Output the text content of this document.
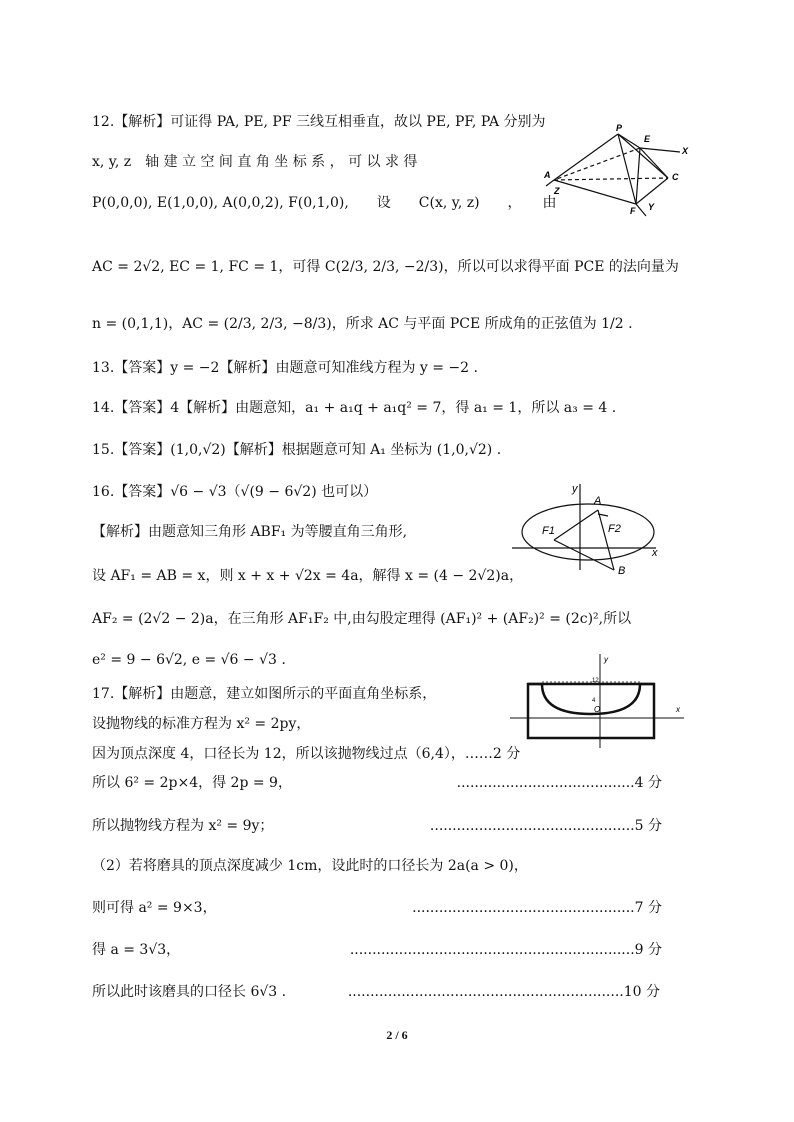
12.【解析】可证得 PA, PE, PF 三线互相垂直，故以 PE, PF, PA 分别为
x, y, z　轴 建 立 空 间 直 角 坐 标 系 ， 可 以 求 得
P(0,0,0), E(1,0,0), A(0,0,2), F(0,1,0),　　设　　C(x, y, z)　　，　　由
AC = 2√2, EC = 1, FC = 1，可得 C(2/3, 2/3, −2/3)，所以可以求得平面 PCE 的法向量为
n = (0,1,1)，AC = (2/3, 2/3, −8/3)，所求 AC 与平面 PCE 所成角的正弦值为 1/2 .
13.【答案】y = −2【解析】由题意可知准线方程为 y = −2 .
14.【答案】4【解析】由题意知，a₁ + a₁q + a₁q² = 7，得 a₁ = 1，所以 a₃ = 4 .
15.【答案】(1,0,√2)【解析】根据题意可知 A₁ 坐标为 (1,0,√2) .
16.【答案】√6 − √3（√(9 − 6√2) 也可以）
【解析】由题意知三角形 ABF₁ 为等腰直角三角形,
设 AF₁ = AB = x，则 x + x + √2x = 4a，解得 x = (4 − 2√2)a，
AF₂ = (2√2 − 2)a，在三角形 AF₁F₂ 中,由勾股定理得 (AF₁)² + (AF₂)² = (2c)²,所以
e² = 9 − 6√2, e = √6 − √3 .
17.【解析】由题意，建立如图所示的平面直角坐标系，
设抛物线的标准方程为 x² = 2py，
因为顶点深度 4，口径长为 12，所以该抛物线过点（6,4），……2 分
所以 6² = 2p×4，得 2p = 9，	........................................4 分
所以抛物线方程为 x² = 9y；	..............................................5 分
（2）若将磨具的顶点深度减少 1cm，设此时的口径长为 2a(a > 0)，
则可得 a² = 9×3，	..................................................7 分
得 a = 3√3，	................................................................9 分
所以此时该磨具的口径长 6√3 .	..............................................................10 分
P
E
X
A
Z
C
F Y
y
A
F1	F2
x
B
y
12
4
O	x
2 / 6
